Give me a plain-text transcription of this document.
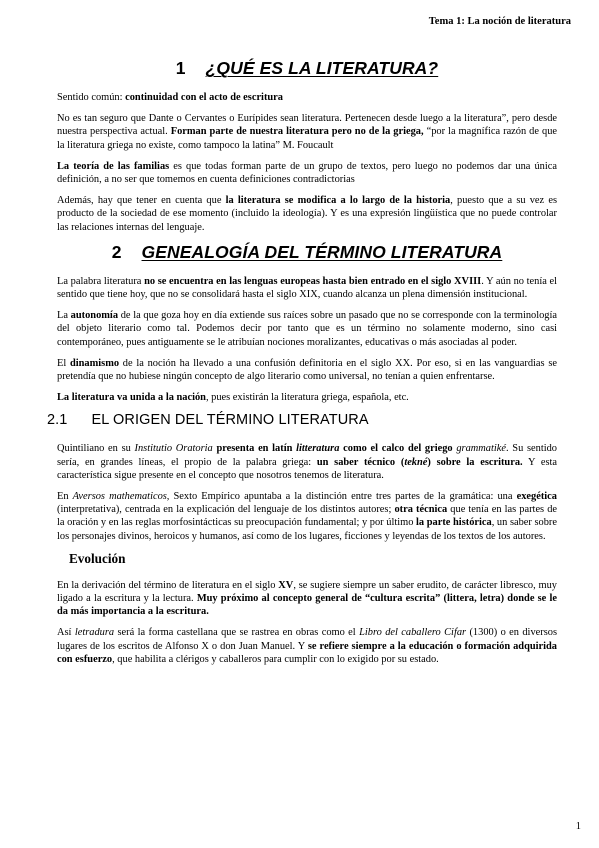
Tema 1: La noción de literatura
1 ¿QUÉ ES LA LITERATURA?

Sentido común: continuidad con el acto de escritura

No es tan seguro que Dante o Cervantes o Eurípides sean literatura. Pertenecen desde luego a la literatura”, pero desde nuestra perspectiva actual. Forman parte de nuestra literatura pero no de la griega, “por la magnífica razón de que la literatura griega no existe, como tampoco la latina” M. Foucault

La teoría de las familias es que todas forman parte de un grupo de textos, pero luego no podemos dar una única definición, a no ser que tomemos en cuenta definiciones contradictorias

Además, hay que tener en cuenta que la literatura se modifica a lo largo de la historia, puesto que a su vez es producto de la sociedad de ese momento (incluido la ideología). Y es una expresión lingüística que no puede controlar las relaciones internas del lenguaje.

2 GENEALOGÍA DEL TÉRMINO LITERATURA

La palabra literatura no se encuentra en las lenguas europeas hasta bien entrado en el siglo XVIII. Y aún no tenía el sentido que tiene hoy, que no se consolidará hasta el siglo XIX, cuando alcanza un plena dimensión institucional.

La autonomía de la que goza hoy en día extiende sus raíces sobre un pasado que no se corresponde con la terminología del objeto literario como tal. Podemos decir por tanto que es un término no solamente moderno, sino casi contemporáneo, pues antiguamente se le atribuían nociones moralizantes, educativas o más asociadas al poder.

El dinamismo de la noción ha llevado a una confusión definitoria en el siglo XX. Por eso, si en las vanguardias se pretendía que no hubiese ningún concepto de algo literario como universal, no tenían a quien enfrentarse.

La literatura va unida a la nación, pues existirán la literatura griega, española, etc.

2.1 EL ORIGEN DEL TÉRMINO LITERATURA

Quintiliano en su Institutio Oratoria presenta en latín litteratura como el calco del griego grammatiké. Su sentido sería, en grandes líneas, el propio de la palabra griega: un saber técnico (tekné) sobre la escritura. Y esta característica sigue presente en el concepto que nosotros tenemos de literatura.

En Aversos mathematicos, Sexto Empírico apuntaba a la distinción entre tres partes de la gramática: una exegética (interpretativa), centrada en la explicación del lenguaje de los distintos autores; otra técnica que tenía en las partes de la oración y en las reglas morfosintácticas su preocupación fundamental; y por último la parte histórica, un saber sobre los personajes divinos, heroicos y humanos, así como de los lugares, ficciones y leyendas de los textos de los autores.

Evolución

En la derivación del término de literatura en el siglo XV, se sugiere siempre un saber erudito, de carácter libresco, muy ligado a la escritura y la lectura. Muy próximo al concepto general de “cultura escrita” (littera, letra) donde se le da más importancia a la escritura.

Así letradura será la forma castellana que se rastrea en obras como el Libro del caballero Cifar (1300) o en diversos lugares de los escritos de Alfonso X o don Juan Manuel. Y se refiere siempre a la educación o formación adquirida con esfuerzo, que habilita a clérigos y caballeros para cumplir con lo exigido por su estado.

1
